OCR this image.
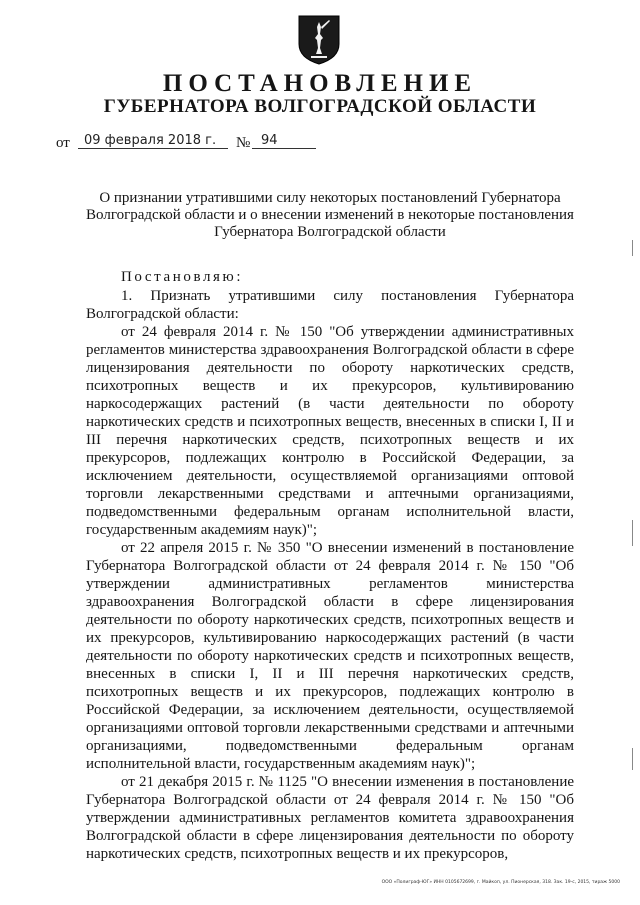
ПОСТАНОВЛЕНИЕ
ГУБЕРНАТОРА ВОЛГОГРАДСКОЙ ОБЛАСТИ
от 09 февраля 2018 г. № 94
О признании утратившими силу некоторых постановлений Губернатора Волгоградской области и о внесении изменений в некоторые постановления Губернатора Волгоградской области

Постановляю:

1. Признать утратившими силу постановления Губернатора Волгоградской области:

от 24 февраля 2014 г. № 150 "Об утверждении административных регламентов министерства здравоохранения Волгоградской области в сфере лицензирования деятельности по обороту наркотических средств, психотропных веществ и их прекурсоров, культивированию наркосодержащих растений (в части деятельности по обороту наркотических средств и психотропных веществ, внесенных в списки I, II и III перечня наркотических средств, психотропных веществ и их прекурсоров, подлежащих контролю в Российской Федерации, за исключением деятельности, осуществляемой организациями оптовой торговли лекарственными средствами и аптечными организациями, подведомственными федеральным органам исполнительной власти, государственным академиям наук)";

от 22 апреля 2015 г. № 350 "О внесении изменений в постановление Губернатора Волгоградской области от 24 февраля 2014 г. № 150 "Об утверждении административных регламентов министерства здравоохранения Волгоградской области в сфере лицензирования деятельности по обороту наркотических средств, психотропных веществ и их прекурсоров, культивированию наркосодержащих растений (в части деятельности по обороту наркотических средств и психотропных веществ, внесенных в списки I, II и III перечня наркотических средств, психотропных веществ и их прекурсоров, подлежащих контролю в Российской Федерации, за исключением деятельности, осуществляемой организациями оптовой торговли лекарственными средствами и аптечными организациями, подведомственными федеральным органам исполнительной власти, государственным академиям наук)";

от 21 декабря 2015 г. № 1125 "О внесении изменения в постановление Губернатора Волгоградской области от 24 февраля 2014 г. № 150 "Об утверждении административных регламентов комитета здравоохранения Волгоградской области в сфере лицензирования деятельности по обороту наркотических средств, психотропных веществ и их прекурсоров,

ООО «Полиграф-ЮГ» ИНН 0105672699, г. Майкоп, ул. Пионерская, 318. Зак. 19-с, 2015, тираж 5000
